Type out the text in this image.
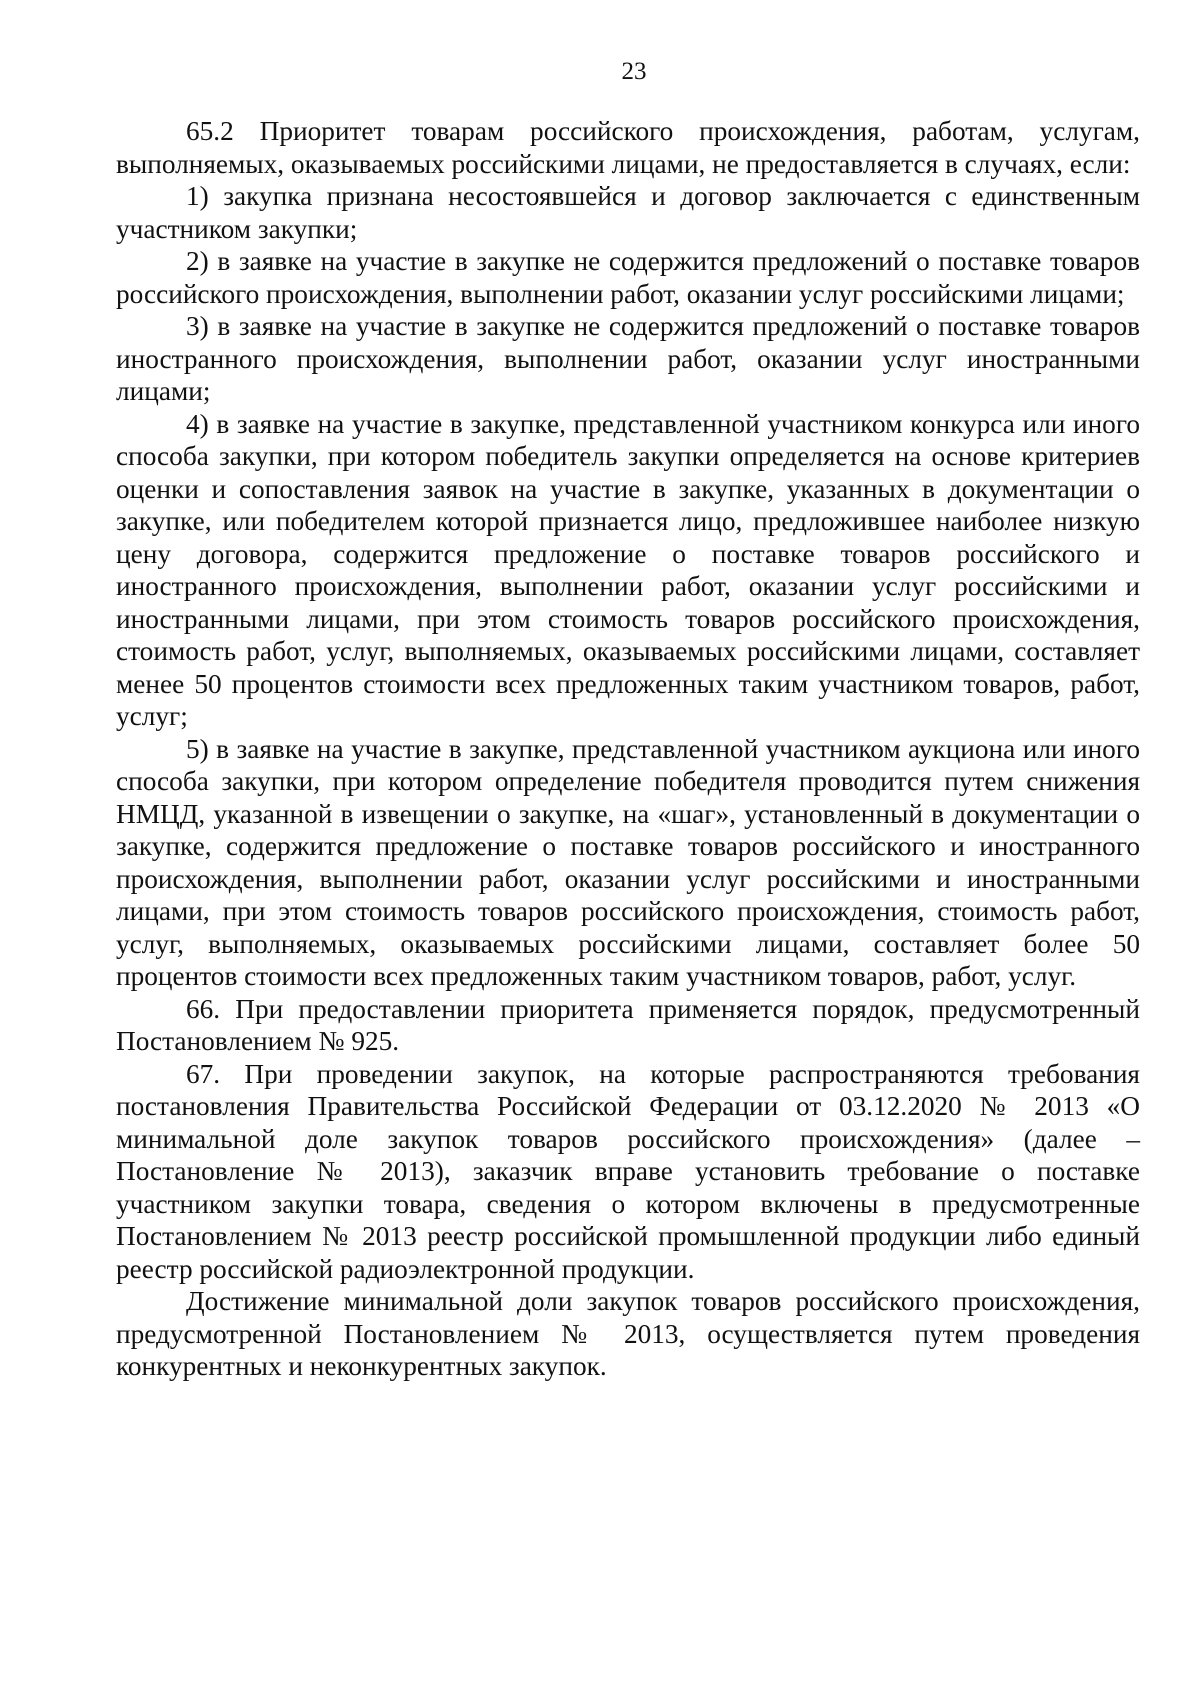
23

65.2 Приоритет товарам российского происхождения, работам, услугам, выполняемых, оказываемых российскими лицами, не предоставляется в случаях, если:

1) закупка признана несостоявшейся и договор заключается с единственным участником закупки;

2) в заявке на участие в закупке не содержится предложений о поставке товаров российского происхождения, выполнении работ, оказании услуг российскими лицами;

3) в заявке на участие в закупке не содержится предложений о поставке товаров иностранного происхождения, выполнении работ, оказании услуг иностранными лицами;

4) в заявке на участие в закупке, представленной участником конкурса или иного способа закупки, при котором победитель закупки определяется на основе критериев оценки и сопоставления заявок на участие в закупке, указанных в документации о закупке, или победителем которой признается лицо, предложившее наиболее низкую цену договора, содержится предложение о поставке товаров российского и иностранного происхождения, выполнении работ, оказании услуг российскими и иностранными лицами, при этом стоимость товаров российского происхождения, стоимость работ, услуг, выполняемых, оказываемых российскими лицами, составляет менее 50 процентов стоимости всех предложенных таким участником товаров, работ, услуг;

5) в заявке на участие в закупке, представленной участником аукциона или иного способа закупки, при котором определение победителя проводится путем снижения НМЦД, указанной в извещении о закупке, на «шаг», установленный в документации о закупке, содержится предложение о поставке товаров российского и иностранного происхождения, выполнении работ, оказании услуг российскими и иностранными лицами, при этом стоимость товаров российского происхождения, стоимость работ, услуг, выполняемых, оказываемых российскими лицами, составляет более 50 процентов стоимости всех предложенных таким участником товаров, работ, услуг.

66. При предоставлении приоритета применяется порядок, предусмотренный Постановлением № 925.

67. При проведении закупок, на которые распространяются требования постановления Правительства Российской Федерации от 03.12.2020 № 2013 «О минимальной доле закупок товаров российского происхождения» (далее – Постановление № 2013), заказчик вправе установить требование о поставке участником закупки товара, сведения о котором включены в предусмотренные Постановлением № 2013 реестр российской промышленной продукции либо единый реестр российской радиоэлектронной продукции.

Достижение минимальной доли закупок товаров российского происхождения, предусмотренной Постановлением № 2013, осуществляется путем проведения конкурентных и неконкурентных закупок.
